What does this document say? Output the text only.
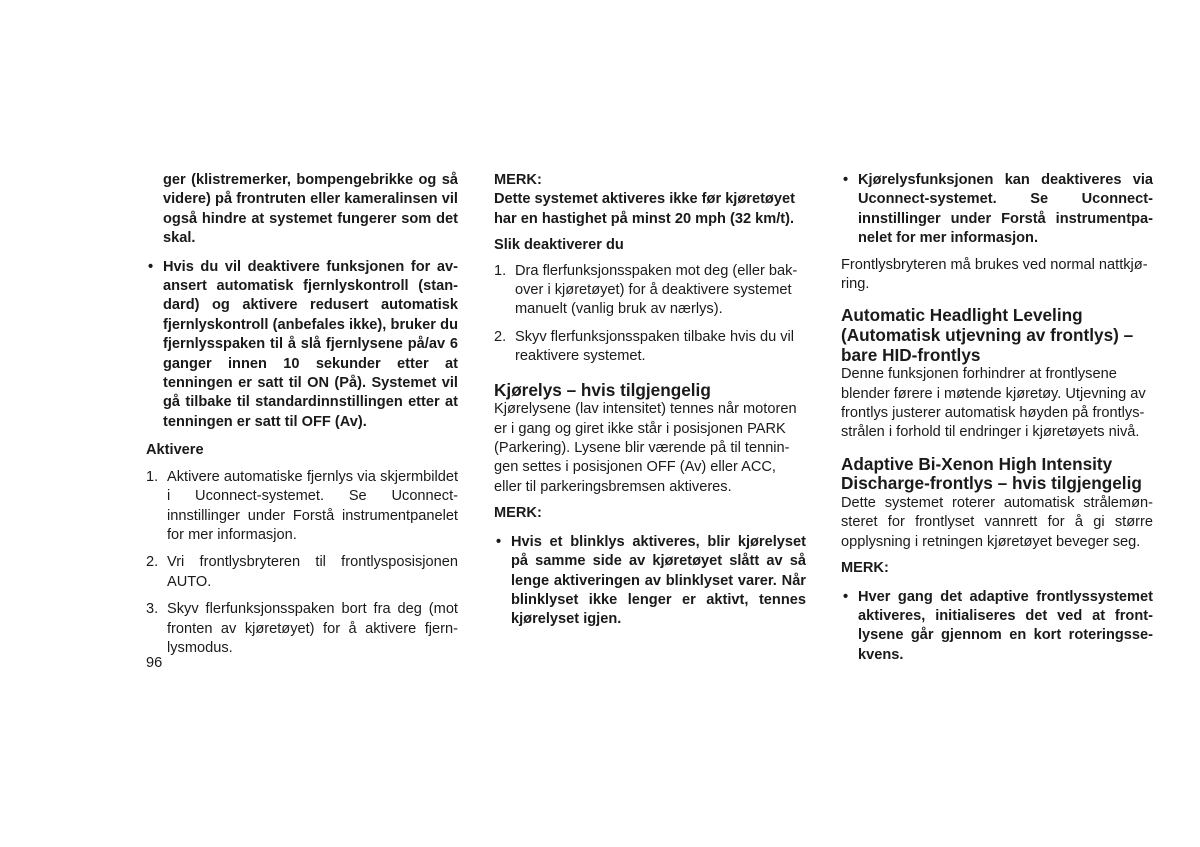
ger (klistremerker, bompengebrikke og så videre) på frontruten eller kameralinsen vil også hindre at systemet fungerer som det skal.

• Hvis du vil deaktivere funksjonen for avansert automatisk fjernlyskontroll (standard) og aktivere redusert automatisk fjernlyskontroll (anbefales ikke), bruker du fjernlysspaken til å slå fjernlysene på/av 6 ganger innen 10 sekunder etter at tenningen er satt til ON (På). Systemet vil gå tilbake til standardinnstillingen etter at tenningen er satt til OFF (Av).

Aktivere

1. Aktivere automatiske fjernlys via skjermbildet i Uconnect-systemet. Se Uconnect-innstillinger under Forstå instrumentpanelet for mer informasjon.

2. Vri frontlysbryteren til frontlysposisjonen AUTO.

3. Skyv flerfunksjonsspaken bort fra deg (mot fronten av kjøretøyet) for å aktivere fjernlysmodus.

MERK:

Dette systemet aktiveres ikke før kjøretøyet har en hastighet på minst 20 mph (32 km/t).

Slik deaktiverer du

1. Dra flerfunksjonsspaken mot deg (eller bakover i kjøretøyet) for å deaktivere systemet manuelt (vanlig bruk av nærlys).

2. Skyv flerfunksjonsspaken tilbake hvis du vil reaktivere systemet.

Kjørelys – hvis tilgjengelig

Kjørelysene (lav intensitet) tennes når motoren er i gang og giret ikke står i posisjonen PARK (Parkering). Lysene blir værende på til tenningen settes i posisjonen OFF (Av) eller ACC, eller til parkeringsbremsen aktiveres.

MERK:

• Hvis et blinklys aktiveres, blir kjørelyset på samme side av kjøretøyet slått av så lenge aktiveringen av blinklyset varer. Når blinklyset ikke lenger er aktivt, tennes kjørelyset igjen.

• Kjørelysfunksjonen kan deaktiveres via Uconnect-systemet. Se Uconnect-innstillinger under Forstå instrumentpanelet for mer informasjon.

Frontlysbryteren må brukes ved normal nattkjøring.

Automatic Headlight Leveling (Automatisk utjevning av frontlys) – bare HID-frontlys

Denne funksjonen forhindrer at frontlysene blender førere i møtende kjøretøy. Utjevning av frontlys justerer automatisk høyden på frontlysstrålen i forhold til endringer i kjøretøyets nivå.

Adaptive Bi-Xenon High Intensity Discharge-frontlys – hvis tilgjengelig

Dette systemet roterer automatisk strålemønsteret for frontlyset vannrett for å gi større opplysning i retningen kjøretøyet beveger seg.

MERK:

• Hver gang det adaptive frontlyssystemet aktiveres, initialiseres det ved at frontlysene går gjennom en kort roteringssekvens.

96
